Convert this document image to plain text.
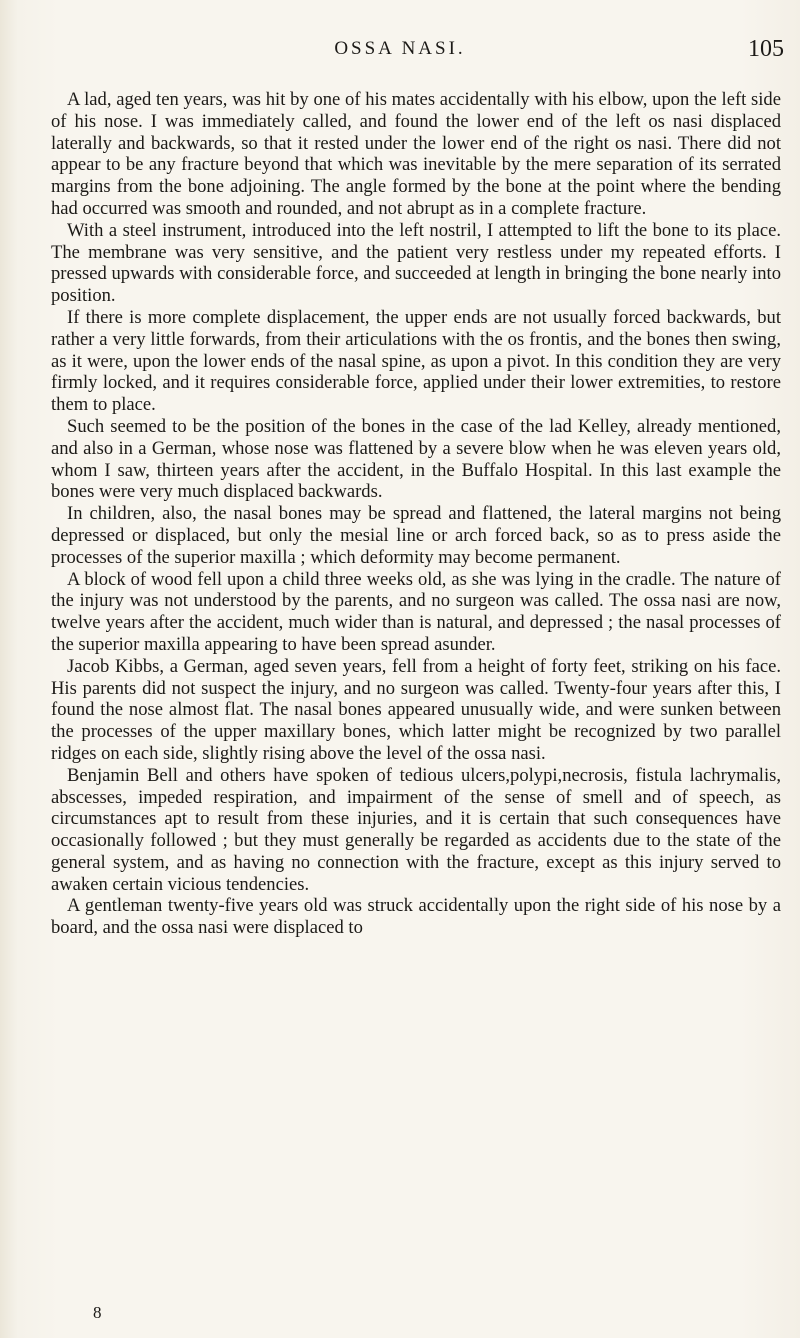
OSSA NASI.	105

A lad, aged ten years, was hit by one of his mates accidentally with his elbow, upon the left side of his nose. I was immediately called, and found the lower end of the left os nasi displaced laterally and backwards, so that it rested under the lower end of the right os nasi. There did not appear to be any fracture beyond that which was inevitable by the mere separation of its serrated margins from the bone adjoining. The angle formed by the bone at the point where the bending had occurred was smooth and rounded, and not abrupt as in a complete fracture.

With a steel instrument, introduced into the left nostril, I attempted to lift the bone to its place. The membrane was very sensitive, and the patient very restless under my repeated efforts. I pressed upwards with considerable force, and succeeded at length in bringing the bone nearly into position.

If there is more complete displacement, the upper ends are not usually forced backwards, but rather a very little forwards, from their articulations with the os frontis, and the bones then swing, as it were, upon the lower ends of the nasal spine, as upon a pivot. In this condition they are very firmly locked, and it requires considerable force, applied under their lower extremities, to restore them to place.

Such seemed to be the position of the bones in the case of the lad Kelley, already mentioned, and also in a German, whose nose was flattened by a severe blow when he was eleven years old, whom I saw, thirteen years after the accident, in the Buffalo Hospital. In this last example the bones were very much displaced backwards.

In children, also, the nasal bones may be spread and flattened, the lateral margins not being depressed or displaced, but only the mesial line or arch forced back, so as to press aside the processes of the superior maxilla ; which deformity may become permanent.

A block of wood fell upon a child three weeks old, as she was lying in the cradle. The nature of the injury was not understood by the parents, and no surgeon was called. The ossa nasi are now, twelve years after the accident, much wider than is natural, and depressed ; the nasal processes of the superior maxilla appearing to have been spread asunder.

Jacob Kibbs, a German, aged seven years, fell from a height of forty feet, striking on his face. His parents did not suspect the injury, and no surgeon was called. Twenty-four years after this, I found the nose almost flat. The nasal bones appeared unusually wide, and were sunken between the processes of the upper maxillary bones, which latter might be recognized by two parallel ridges on each side, slightly rising above the level of the ossa nasi.

Benjamin Bell and others have spoken of tedious ulcers,polypi,necrosis, fistula lachrymalis, abscesses, impeded respiration, and impairment of the sense of smell and of speech, as circumstances apt to result from these injuries, and it is certain that such consequences have occasionally followed ; but they must generally be regarded as accidents due to the state of the general system, and as having no connection with the fracture, except as this injury served to awaken certain vicious tendencies.

A gentleman twenty-five years old was struck accidentally upon the right side of his nose by a board, and the ossa nasi were displaced to

8
